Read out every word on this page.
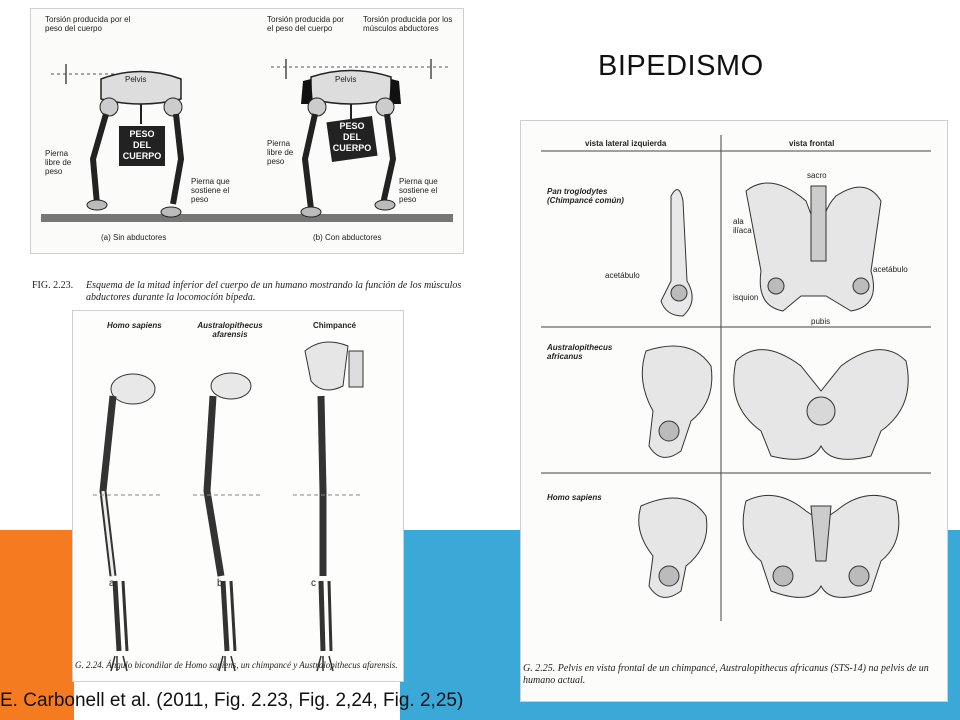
BIPEDISMO
Torsión producida por el peso del cuerpo
Torsión producida por el peso del cuerpo
Torsión producida por los músculos abductores
Pelvis	Pelvis
PESO DEL CUERPO
PESO DEL CUERPO
Pierna libre de peso
Pierna libre de peso
Pierna que sostiene el peso
Pierna que sostiene el peso
(a) Sin abductores	(b) Con abductores
FIG. 2.23. Esquema de la mitad inferior del cuerpo de un humano mostrando la función de los músculos abductores durante la locomoción bípeda.
Homo sapiens	Australopithecus afarensis
Chimpancé
a	b	c
G. 2.24. Ángulo bicondilar de Homo sapiens, un chimpancé y Australopithecus afarensis.
vista lateral izquierda	vista frontal
Pan troglodytes (Chimpancé común)
Australopithecus africanus
Homo sapiens
sacro
ala ilíaca
acetábulo
acetábulo
isquion
pubis
G. 2.25. Pelvis en vista frontal de un chimpancé, Australopithecus africanus (STS-14) na pelvis de un humano actual.
E. Carbonell et al. (2011, Fig. 2.23, Fig. 2,24, Fig. 2,25)
